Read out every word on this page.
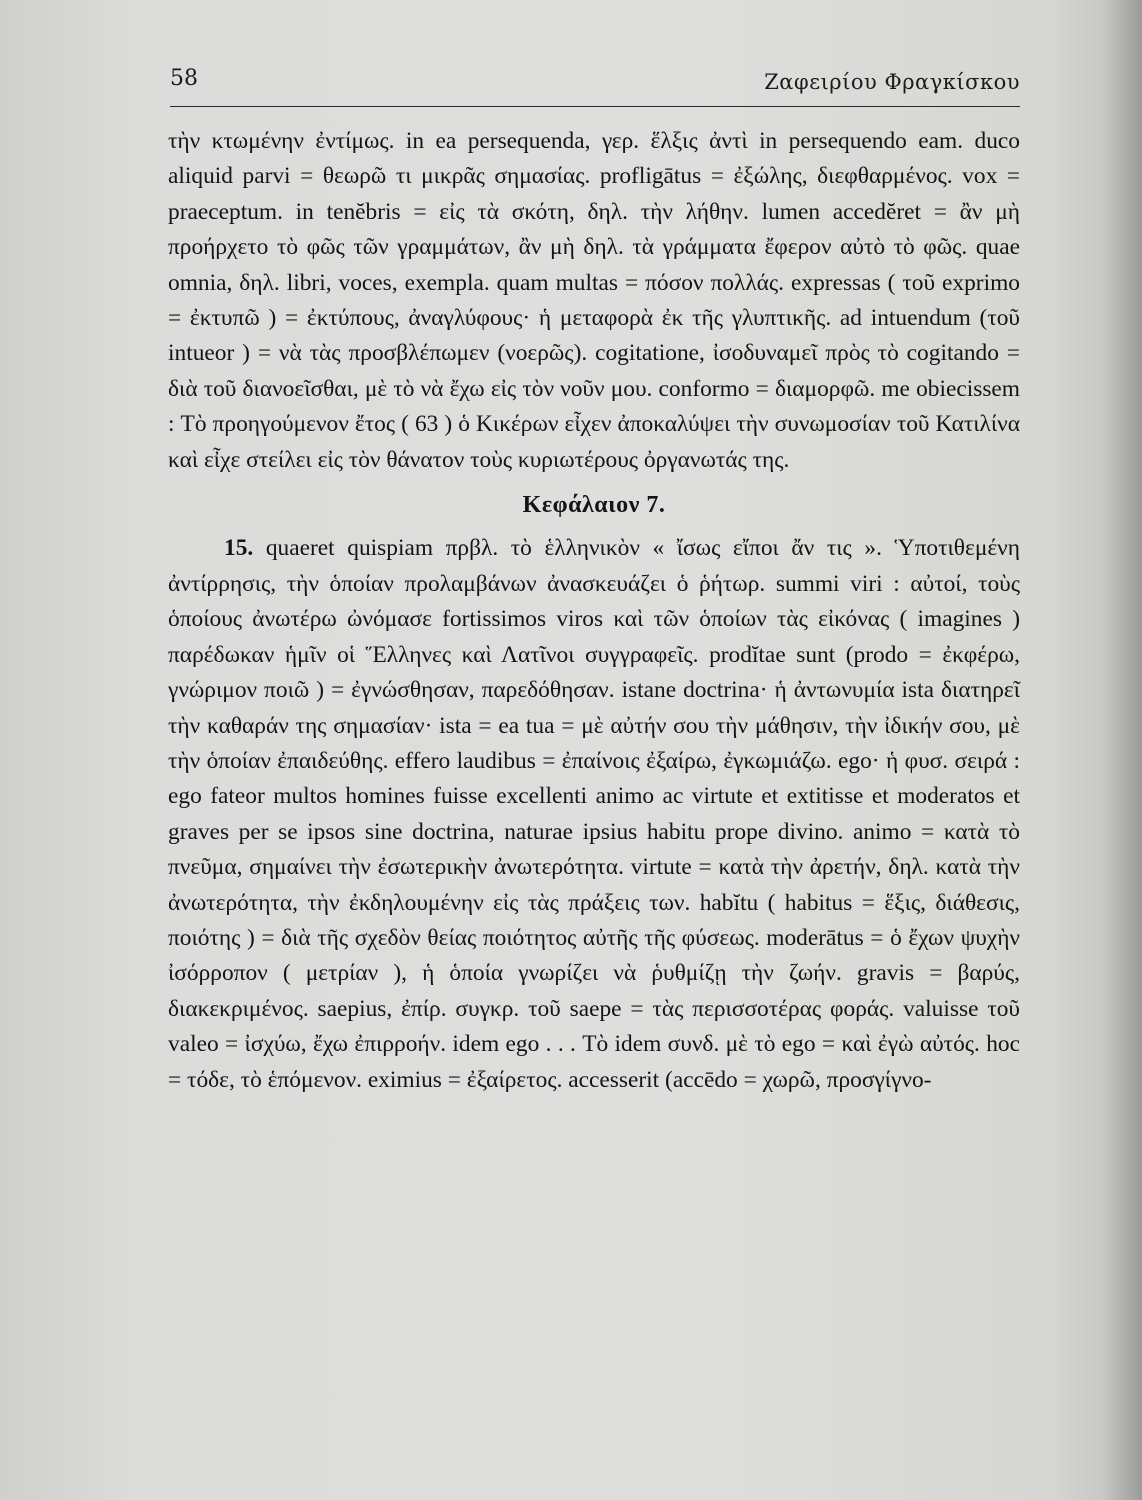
58	Ζαφειρίου Φραγκίσκου

τὴν κτωμένην ἐντίμως. in ea persequenda, γερ. ἕλξις ἀντὶ in persequendo eam. duco aliquid parvi = θεωρῶ τι μικρᾶς σημασίας. profligātus = ἐξώλης, διεφθαρμένος. vox = praeceptum. in tenĕbris = εἰς τὰ σκότη, δηλ. τὴν λήθην. lumen accedĕret = ἂν μὴ προήρχετο τὸ φῶς τῶν γραμμάτων, ἂν μὴ δηλ. τὰ γράμματα ἔφερον αὐτὸ τὸ φῶς. quae omnia, δηλ. libri, voces, exempla. quam multas = πόσον πολλάς. expressas ( τοῦ exprimo = ἐκτυπῶ ) = ἐκτύπους, ἀναγλύφους· ἡ μεταφορὰ ἐκ τῆς γλυπτικῆς. ad intuendum (τοῦ intueor ) = νὰ τὰς προσβλέπωμεν (νοερῶς). cogitatione, ἰσοδυναμεῖ πρὸς τὸ cogitando = διὰ τοῦ διανοεῖσθαι, μὲ τὸ νὰ ἔχω εἰς τὸν νοῦν μου. conformo = διαμορφῶ. me obiecissem : Τὸ προηγούμενον ἔτος ( 63 ) ὁ Κικέρων εἶχεν ἀποκαλύψει τὴν συνωμοσίαν τοῦ Κατιλίνα καὶ εἶχε στείλει εἰς τὸν θάνατον τοὺς κυριωτέρους ὀργανωτάς της.

Κεφάλαιον 7.

15. quaeret quispiam πρβλ. τὸ ἑλληνικὸν « ἴσως εἴποι ἄν τις ». Ὑποτιθεμένη ἀντίρρησις, τὴν ὁποίαν προλαμβάνων ἀνασκευάζει ὁ ῥήτωρ. summi viri : αὐτοί, τοὺς ὁποίους ἀνωτέρω ὠνόμασε fortissimos viros καὶ τῶν ὁποίων τὰς εἰκόνας ( imagines ) παρέδωκαν ἡμῖν οἱ Ἕλληνες καὶ Λατῖνοι συγγραφεῖς. prodĭtae sunt (prodo = ἐκφέρω, γνώριμον ποιῶ ) = ἐγνώσθησαν, παρεδόθησαν. istane doctrina· ἡ ἀντωνυμία ista διατηρεῖ τὴν καθαράν της σημασίαν· ista = ea tua = μὲ αὐτήν σου τὴν μάθησιν, τὴν ἰδικήν σου, μὲ τὴν ὁποίαν ἐπαιδεύθης. effero laudibus = ἐπαίνοις ἐξαίρω, ἐγκωμιάζω. ego· ἡ φυσ. σειρά : ego fateor multos homines fuisse excellenti animo ac virtute et extitisse et moderatos et graves per se ipsos sine doctrina, naturae ipsius habitu prope divino. animo = κατὰ τὸ πνεῦμα, σημαίνει τὴν ἐσωτερικὴν ἀνωτερότητα. virtute = κατὰ τὴν ἀρετήν, δηλ. κατὰ τὴν ἀνωτερότητα, τὴν ἐκδηλουμένην εἰς τὰς πράξεις των. habĭtu ( habitus = ἕξις, διάθεσις, ποιότης ) = διὰ τῆς σχεδὸν θείας ποιότητος αὐτῆς τῆς φύσεως. moderātus = ὁ ἔχων ψυχὴν ἰσόρροπον ( μετρίαν ), ἡ ὁποία γνωρίζει νὰ ῥυθμίζῃ τὴν ζωήν. gravis = βαρύς, διακεκριμένος. saepius, ἐπίρ. συγκρ. τοῦ saepe = τὰς περισσοτέρας φοράς. valuisse τοῦ valeo = ἰσχύω, ἔχω ἐπιρροήν. idem ego . . . Τὸ idem συνδ. μὲ τὸ ego = καὶ ἐγὼ αὐτός. hoc = τόδε, τὸ ἑπόμενον. eximius = ἐξαίρετος. accesserit (accēdo = χωρῶ, προσγίγνο-
